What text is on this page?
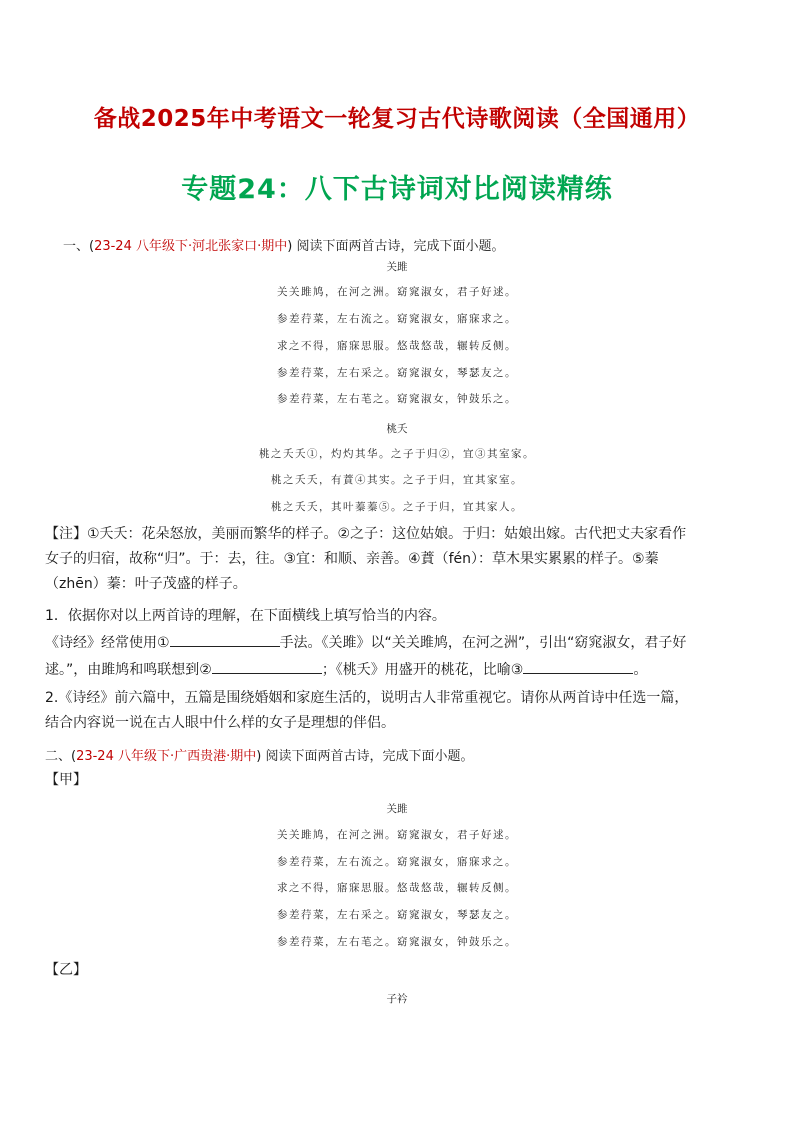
备战2025年中考语文一轮复习古代诗歌阅读（全国通用）
专题24：八下古诗词对比阅读精练
一、(23-24 八年级下·河北张家口·期中) 阅读下面两首古诗，完成下面小题。
关雎
关关雎鸠，在河之洲。窈窕淑女，君子好逑。
参差荇菜，左右流之。窈窕淑女，寤寐求之。
求之不得，寤寐思服。悠哉悠哉，辗转反侧。
参差荇菜，左右采之。窈窕淑女，琴瑟友之。
参差荇菜，左右芼之。窈窕淑女，钟鼓乐之。
桃夭
桃之夭夭①，灼灼其华。之子于归②，宜③其室家。
桃之夭夭，有蕡④其实。之子于归，宜其家室。
桃之夭夭，其叶蓁蓁⑤。之子于归，宜其家人。
【注】①夭夭：花朵怒放，美丽而繁华的样子。②之子：这位姑娘。于归：姑娘出嫁。古代把丈夫家看作
女子的归宿，故称“归”。于：去，往。③宜：和顺、亲善。④蕡（fén）：草木果实累累的样子。⑤蓁
（zhēn）蓁：叶子茂盛的样子。
1．依据你对以上两首诗的理解，在下面横线上填写恰当的内容。
《诗经》经常使用①	手法。《关雎》以“关关雎鸠，在河之洲”，引出“窈窕淑女，君子好
逑。”，由雎鸠和鸣联想到②	；《桃夭》用盛开的桃花，比喻③	。
2.《诗经》前六篇中，五篇是围绕婚姻和家庭生活的，说明古人非常重视它。请你从两首诗中任选一篇，
结合内容说一说在古人眼中什么样的女子是理想的伴侣。
二、(23-24 八年级下·广西贵港·期中) 阅读下面两首古诗，完成下面小题。
【甲】
关雎
关关雎鸠，在河之洲。窈窕淑女，君子好逑。
参差荇菜，左右流之。窈窕淑女，寤寐求之。
求之不得，寤寐思服。悠哉悠哉，辗转反侧。
参差荇菜，左右采之。窈窕淑女，琴瑟友之。
参差荇菜，左右芼之。窈窕淑女，钟鼓乐之。
【乙】
子衿
